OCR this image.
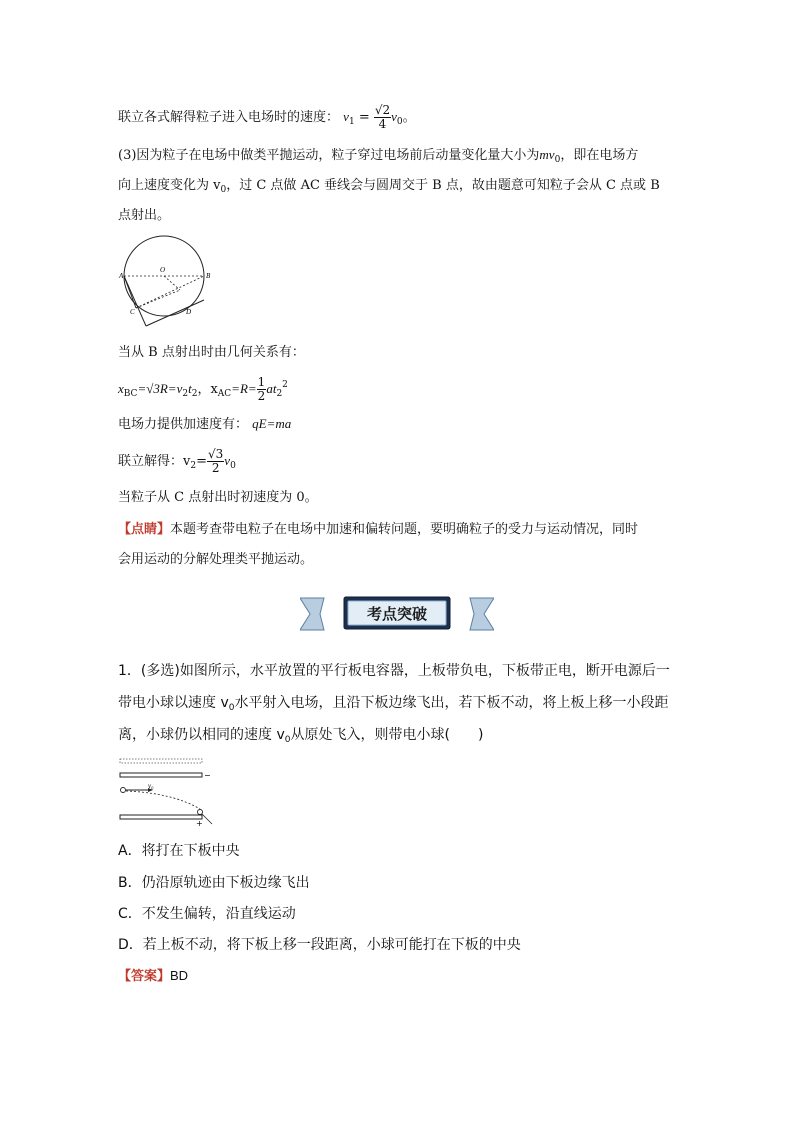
联立各式解得粒子进入电场时的速度： $v_1 = \frac{√2}{4} v_0$。
(3)因为粒子在电场中做类平抛运动，粒子穿过电场前后动量变化量大小为$mv_0$，即在电场方
向上速度变化为 $v_0$，过 C 点做 AC 垂线会与圆周交于 B 点，故由题意可知粒子会从 C 点或 B
点射出。
A
O
B
C	D
当从 B 点射出时由几何关系有：
$x_{BC}=√3R=v_2t_2$，$x_{AC}=R= \frac{1}{2} at_2^2$
电场力提供加速度有： qE=ma
联立解得：$v_2= \frac{√3}{2} v_0$
当粒子从 C 点射出时初速度为 0。
【点睛】本题考查带电粒子在电场中加速和偏转问题，要明确粒子的受力与运动情况，同时
会用运动的分解处理类平抛运动。
考点突破
1．(多选)如图所示，水平放置的平行板电容器，上板带负电，下板带正电，断开电源后一
带电小球以速度 $v_0$水平射入电场，且沿下板边缘飞出，若下板不动，将上板上移一小段距
离，小球仍以相同的速度 $v_0$从原处飞入，则带电小球(　　)
−
v₀
+
A．将打在下板中央
B．仍沿原轨迹由下板边缘飞出
C．不发生偏转，沿直线运动
D．若上板不动，将下板上移一段距离，小球可能打在下板的中央
【答案】BD
